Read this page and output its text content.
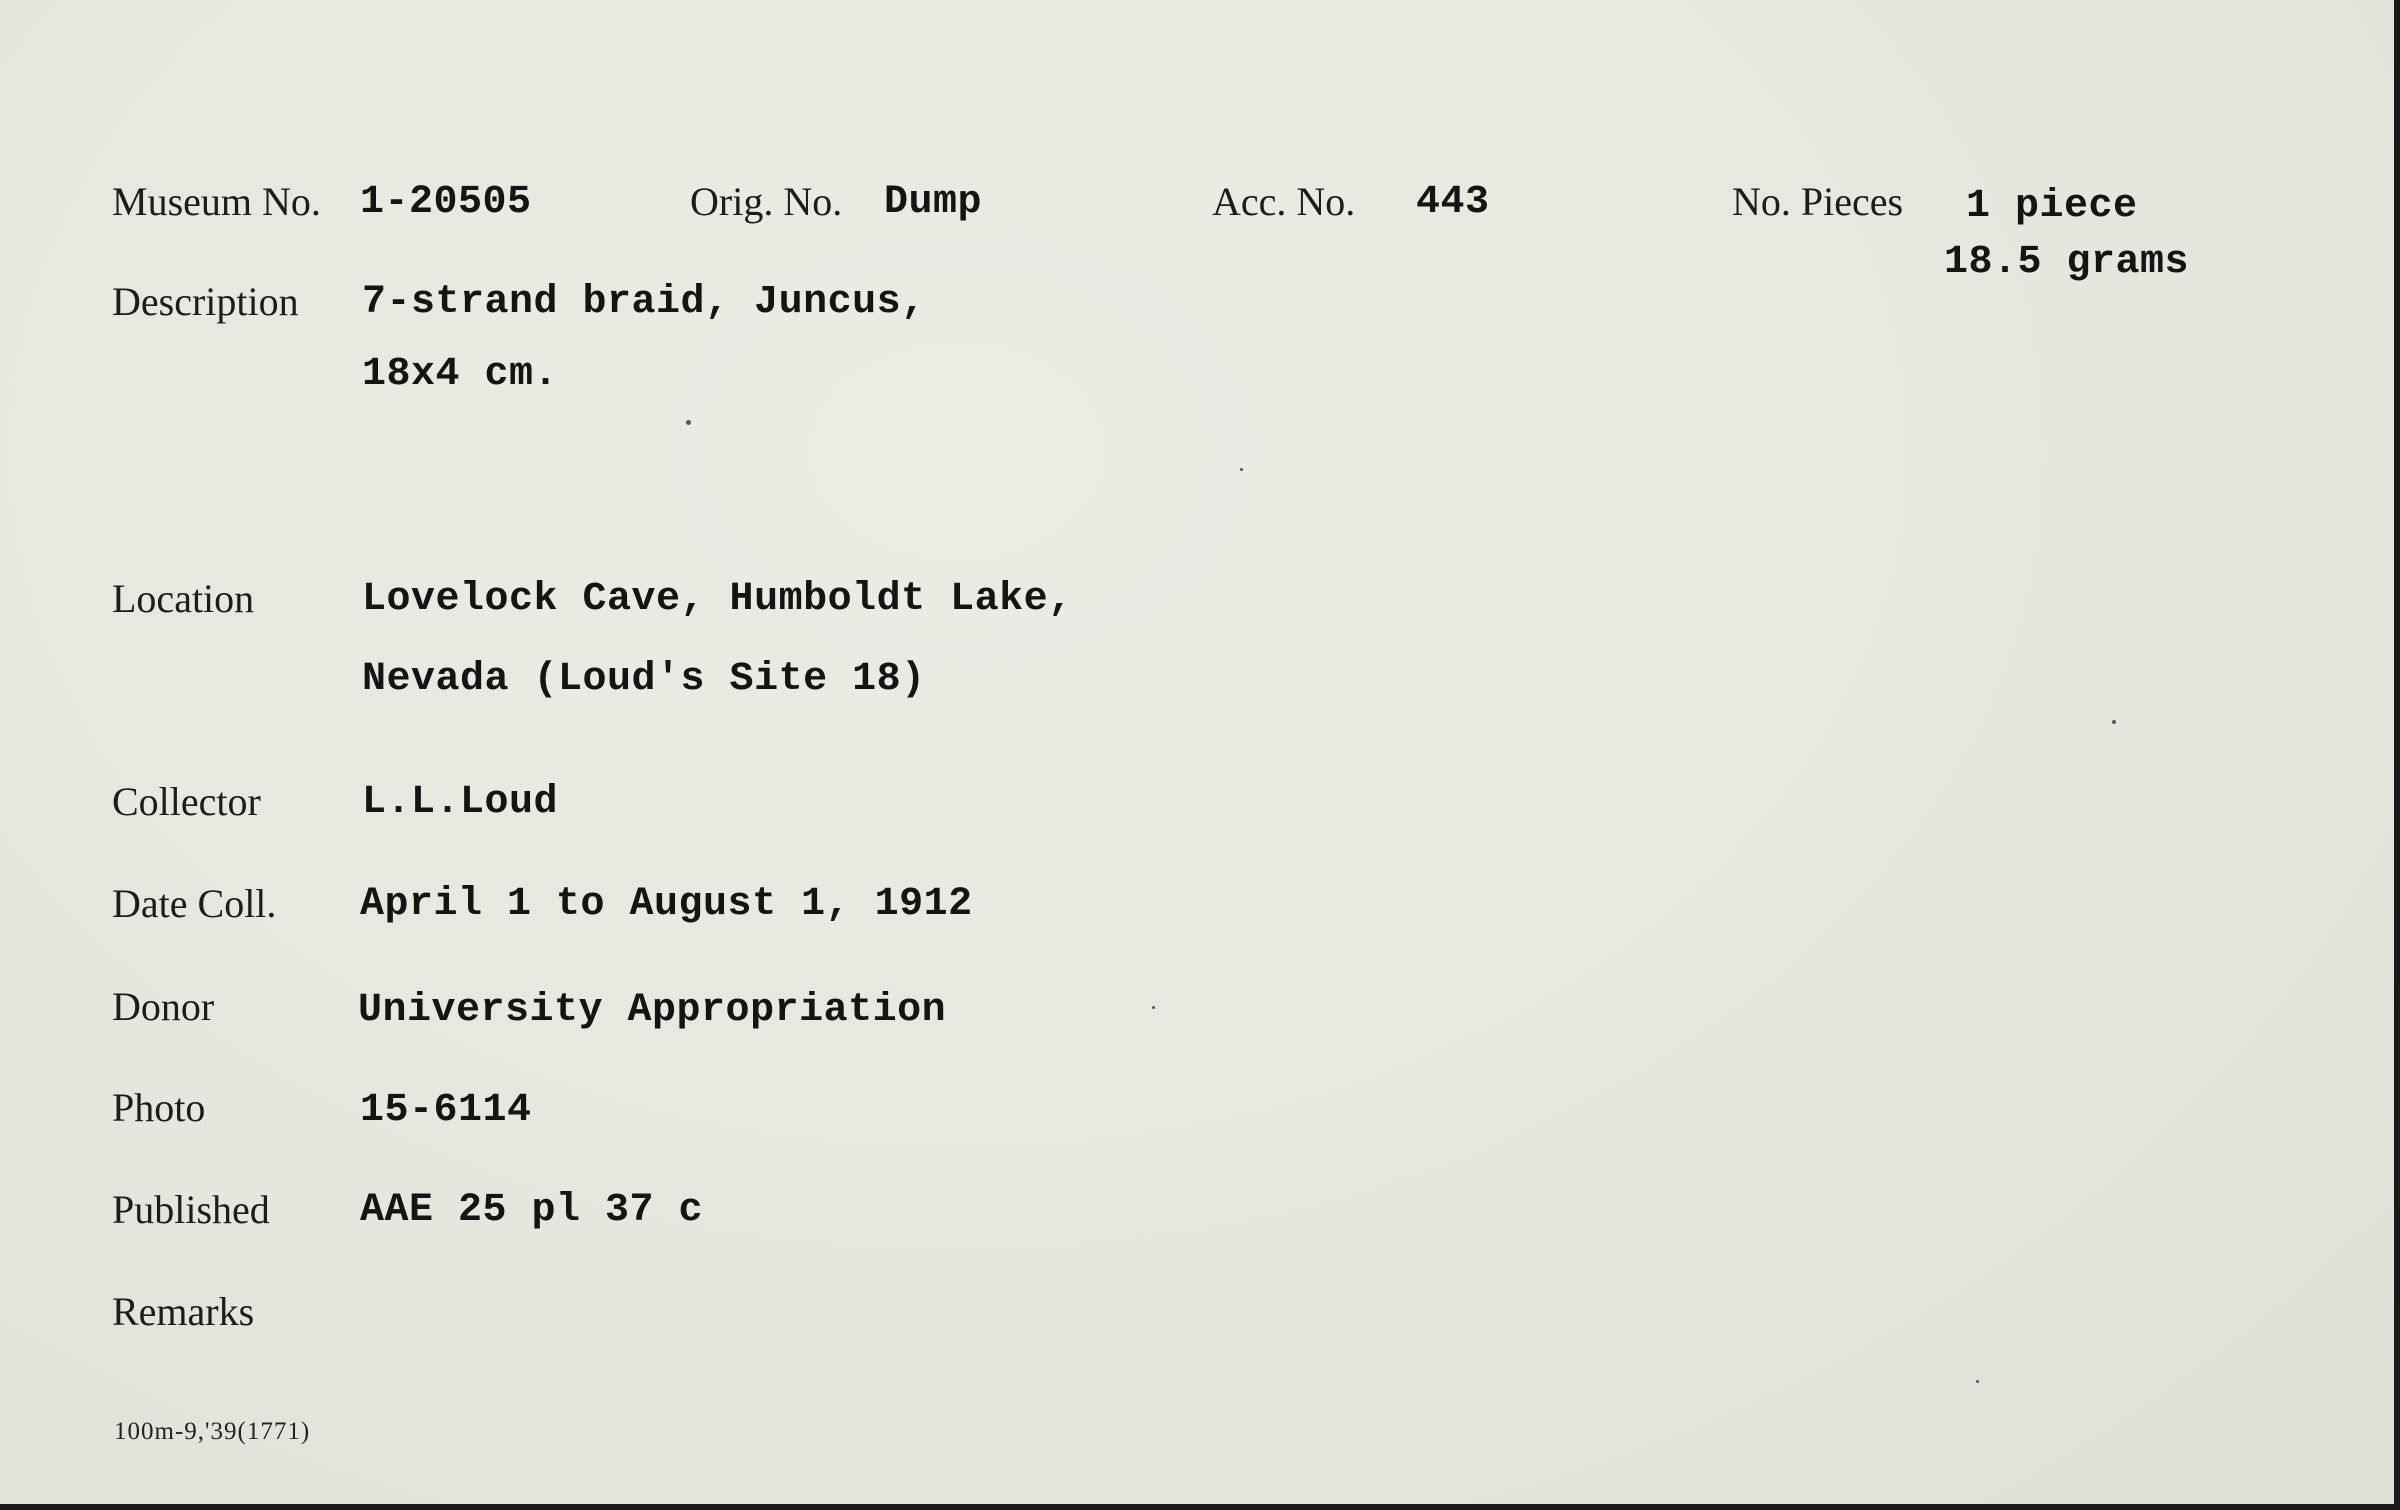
Museum No. 1-20505	Orig. No. Dump	Acc. No. 443	No. Pieces 1 piece
18.5 grams
Description 7-strand braid, Juncus,
18x4 cm.
Location	Lovelock Cave, Humboldt Lake,
Nevada (Loud's Site 18)
Collector	L.L.Loud
Date Coll. April 1 to August 1, 1912
Donor	University Appropriation
Photo	15-6114
Published AAE 25 pl 37 c
Remarks
100m-9,'39(1771)
